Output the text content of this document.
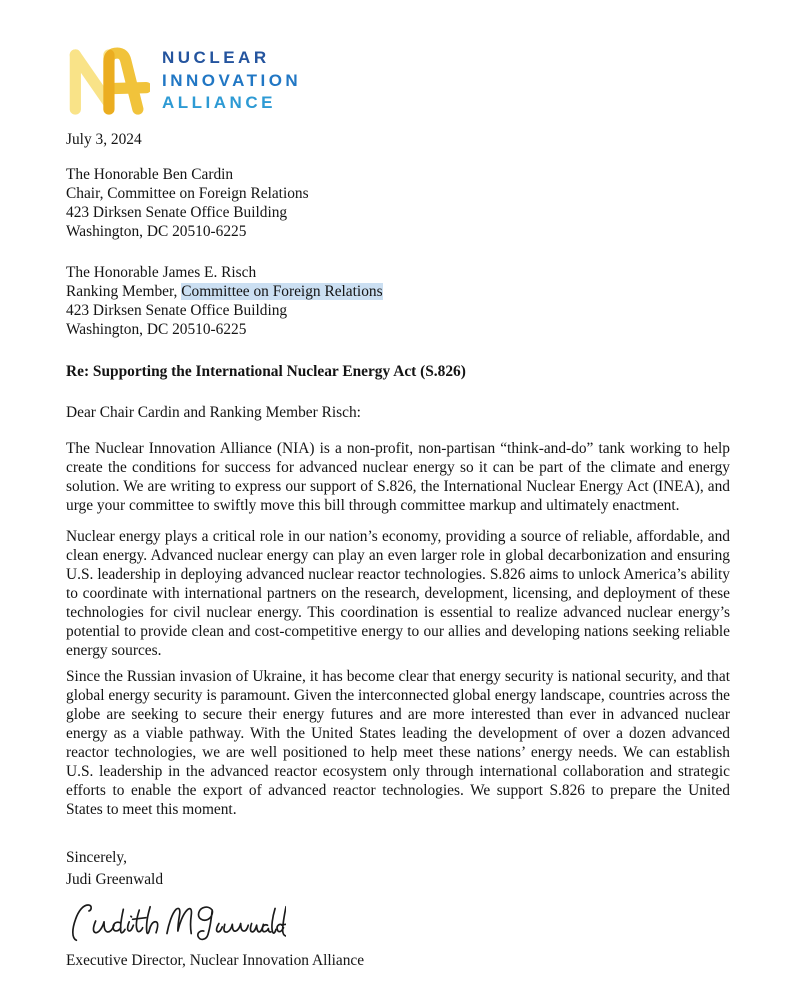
NUCLEAR
INNOVATION
ALLIANCE
July 3, 2024
The Honorable Ben Cardin
Chair, Committee on Foreign Relations
423 Dirksen Senate Office Building
Washington, DC 20510-6225
The Honorable James E. Risch
Ranking Member, Committee on Foreign Relations
423 Dirksen Senate Office Building
Washington, DC 20510-6225
Re: Supporting the International Nuclear Energy Act (S.826)
Dear Chair Cardin and Ranking Member Risch:

The Nuclear Innovation Alliance (NIA) is a non-profit, non-partisan “think-and-do” tank working to help create the conditions for success for advanced nuclear energy so it can be part of the climate and energy solution. We are writing to express our support of S.826, the International Nuclear Energy Act (INEA), and urge your committee to swiftly move this bill through committee markup and ultimately enactment.

Nuclear energy plays a critical role in our nation’s economy, providing a source of reliable, affordable, and clean energy. Advanced nuclear energy can play an even larger role in global decarbonization and ensuring U.S. leadership in deploying advanced nuclear reactor technologies. S.826 aims to unlock America’s ability to coordinate with international partners on the research, development, licensing, and deployment of these technologies for civil nuclear energy. This coordination is essential to realize advanced nuclear energy’s potential to provide clean and cost-competitive energy to our allies and developing nations seeking reliable energy sources.

Since the Russian invasion of Ukraine, it has become clear that energy security is national security, and that global energy security is paramount. Given the interconnected global energy landscape, countries across the globe are seeking to secure their energy futures and are more interested than ever in advanced nuclear energy as a viable pathway. With the United States leading the development of over a dozen advanced reactor technologies, we are well positioned to help meet these nations’ energy needs. We can establish U.S. leadership in the advanced reactor ecosystem only through international collaboration and strategic efforts to enable the export of advanced reactor technologies. We support S.826 to prepare the United States to meet this moment.

Sincerely,
Judi Greenwald
Executive Director, Nuclear Innovation Alliance
